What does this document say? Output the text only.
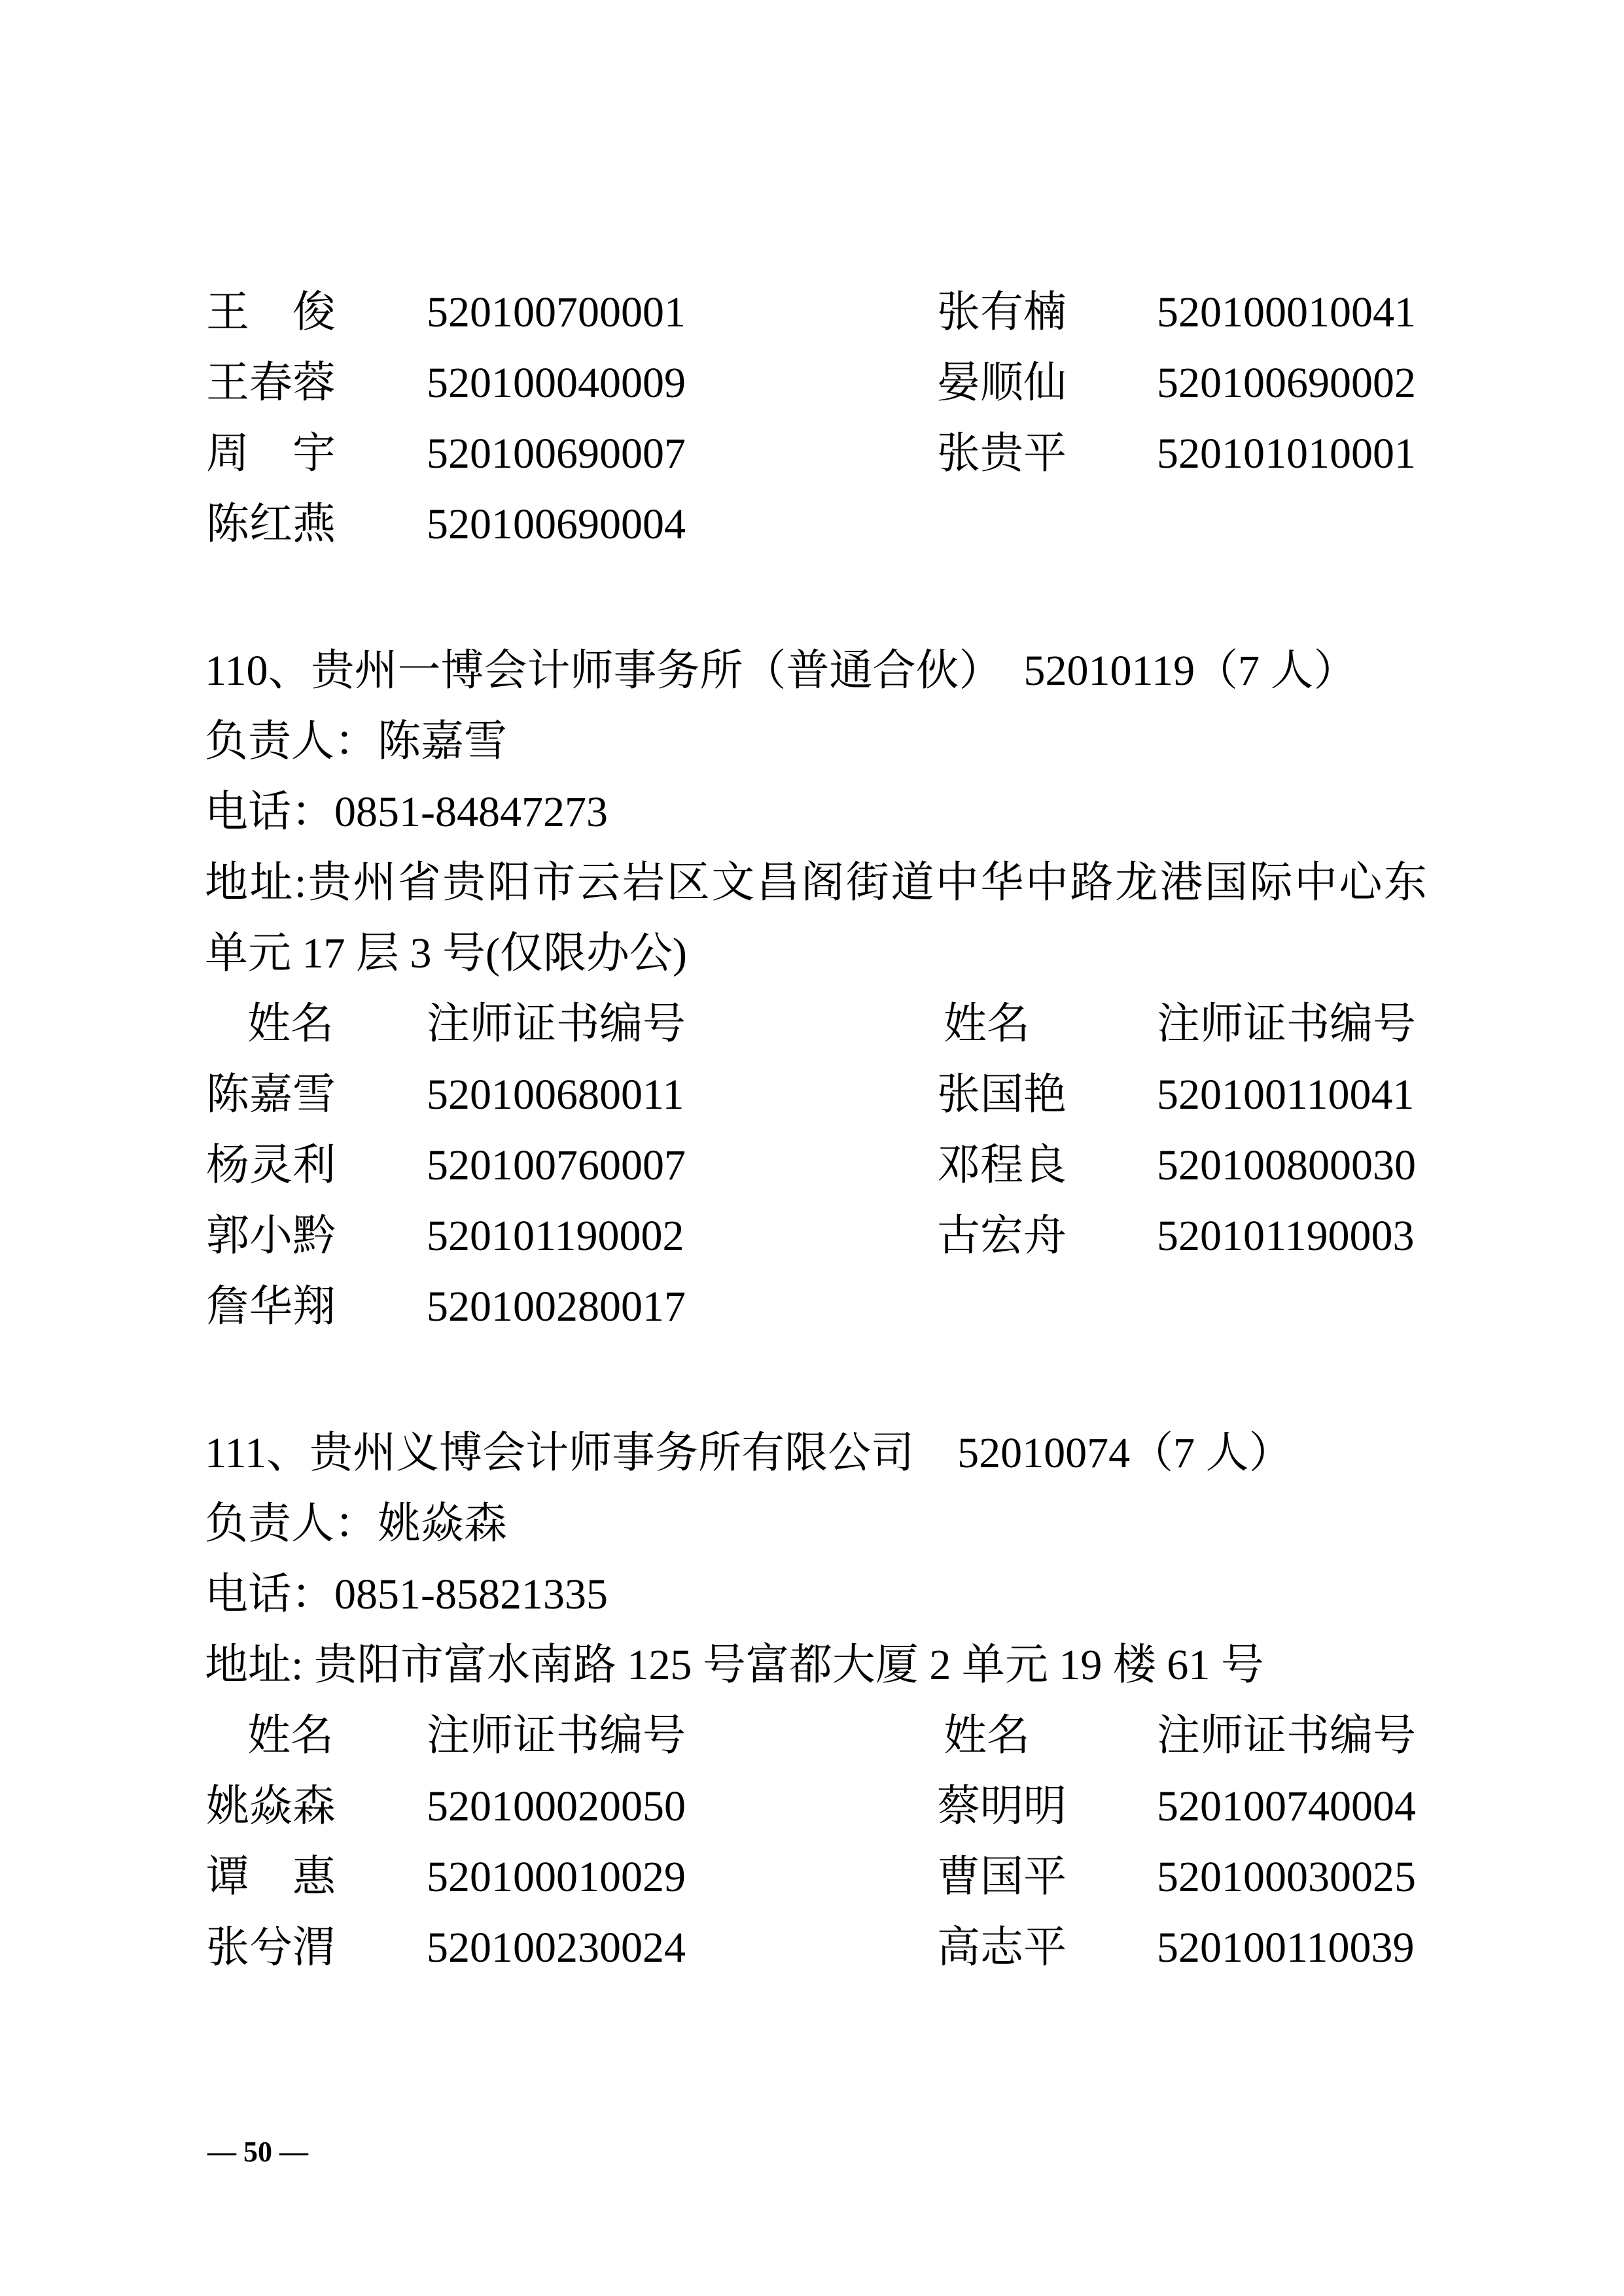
王　俊 520100700001	张有楠 520100010041
王春蓉 520100040009	晏顺仙 520100690002
周　宇 520100690007	张贵平 520101010001
陈红燕 520100690004
110、贵州一博会计师事务所（普通合伙）　52010119（7 人）
负责人：陈嘉雪
电话：0851-84847273
地址:贵州省贵阳市云岩区文昌阁街道中华中路龙港国际中心东
单元 17 层 3 号(仅限办公)
姓名 注师证书编号	姓名	注师证书编号
陈嘉雪 520100680011	张国艳 520100110041
杨灵利 520100760007	邓程良 520100800030
郭小黔 520101190002	古宏舟 520101190003
詹华翔 520100280017
111、贵州义博会计师事务所有限公司　52010074（7 人）
负责人：姚焱森
电话：0851-85821335
地址: 贵阳市富水南路 125 号富都大厦 2 单元 19 楼 61 号
姓名 注师证书编号	姓名	注师证书编号
姚焱森 520100020050	蔡明明 520100740004
谭　惠 520100010029	曹国平 520100030025
张兮渭 520100230024	高志平 520100110039
— 50 —
